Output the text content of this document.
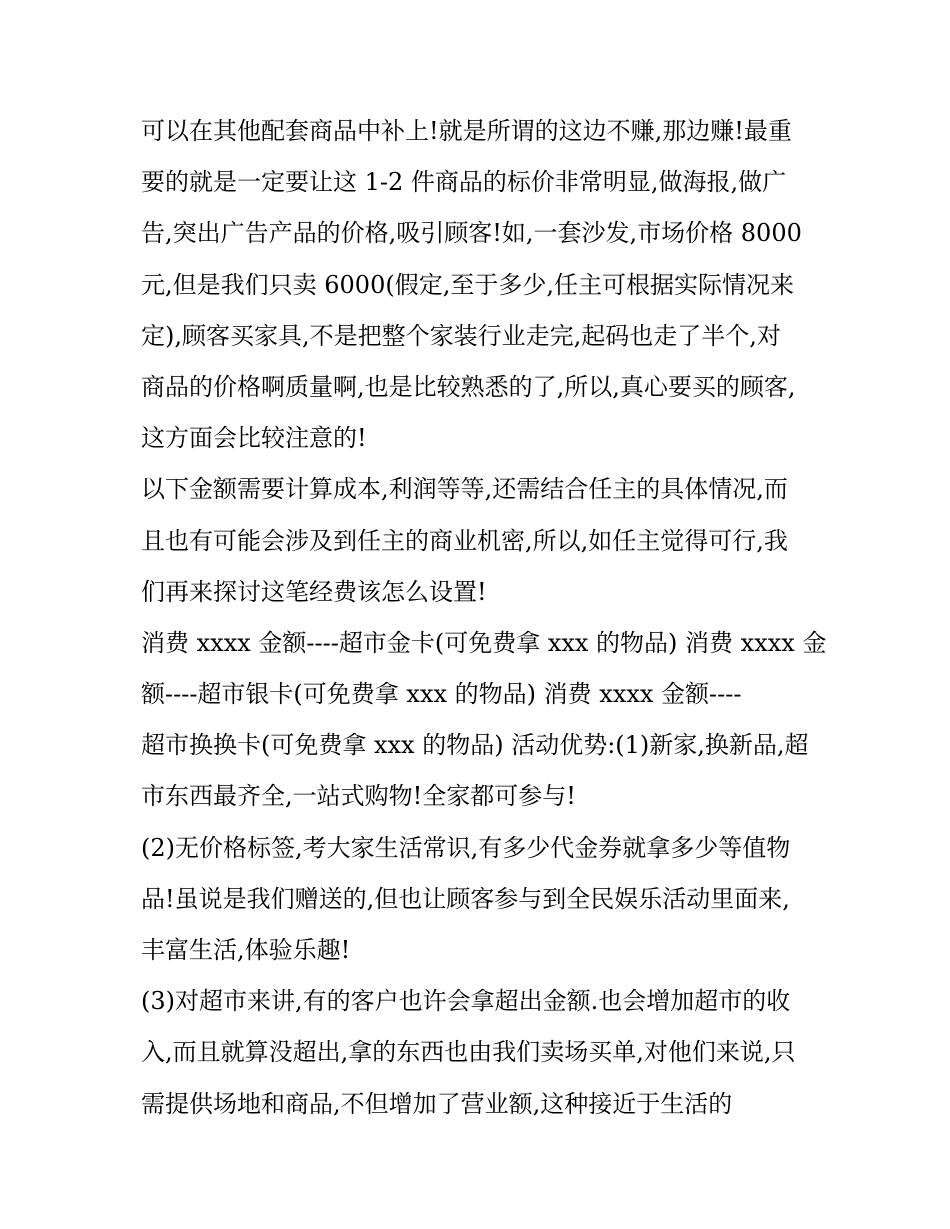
可以在其他配套商品中补上!就是所谓的这边不赚,那边赚!最重
要的就是一定要让这 1-2 件商品的标价非常明显,做海报,做广
告,突出广告产品的价格,吸引顾客!如,一套沙发,市场价格 8000
元,但是我们只卖 6000(假定,至于多少,任主可根据实际情况来
定),顾客买家具,不是把整个家装行业走完,起码也走了半个,对
商品的价格啊质量啊,也是比较熟悉的了,所以,真心要买的顾客,
这方面会比较注意的!
以下金额需要计算成本,利润等等,还需结合任主的具体情况,而
且也有可能会涉及到任主的商业机密,所以,如任主觉得可行,我
们再来探讨这笔经费该怎么设置!
消费 xxxx 金额----超市金卡(可免费拿 xxx 的物品) 消费 xxxx 金
额----超市银卡(可免费拿 xxx 的物品) 消费 xxxx 金额----
超市换换卡(可免费拿 xxx 的物品) 活动优势:(1)新家,换新品,超
市东西最齐全,一站式购物!全家都可参与!
(2)无价格标签,考大家生活常识,有多少代金券就拿多少等值物
品!虽说是我们赠送的,但也让顾客参与到全民娱乐活动里面来,
丰富生活,体验乐趣!
(3)对超市来讲,有的客户也许会拿超出金额.也会增加超市的收
入,而且就算没超出,拿的东西也由我们卖场买单,对他们来说,只
需提供场地和商品,不但增加了营业额,这种接近于生活的
